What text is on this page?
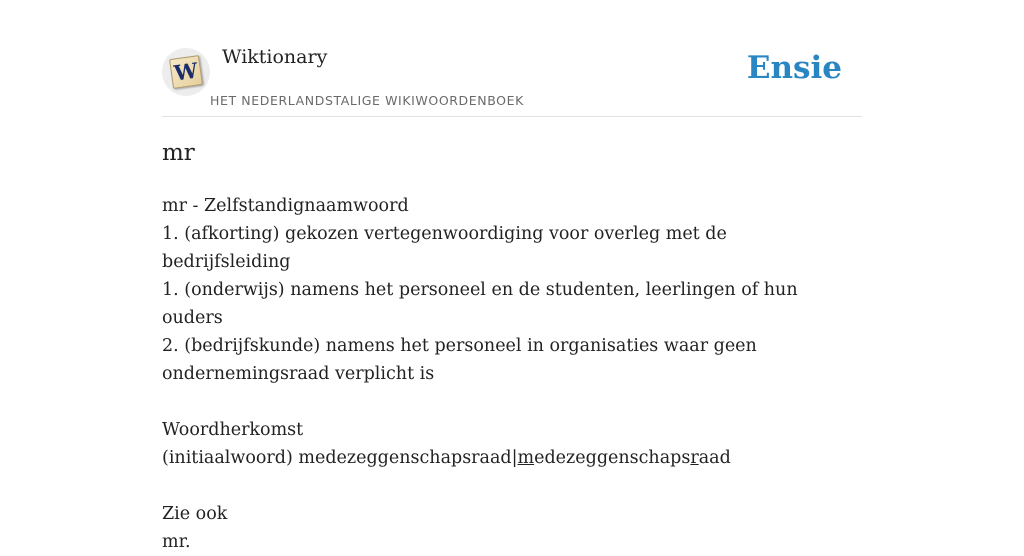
W
Wiktionary
HET NEDERLANDSTALIGE WIKIWOORDENBOEK
Ensie
mr

mr - Zelfstandignaamwoord

1. (afkorting) gekozen vertegenwoordiging voor overleg met de bedrijfsleiding

1. (onderwijs) namens het personeel en de studenten, leerlingen of hun ouders

2. (bedrijfskunde) namens het personeel in organisaties waar geen ondernemingsraad verplicht is

Woordherkomst

(initiaalwoord) medezeggenschapsraad|medezeggenschapsraad

Zie ook

mr.
